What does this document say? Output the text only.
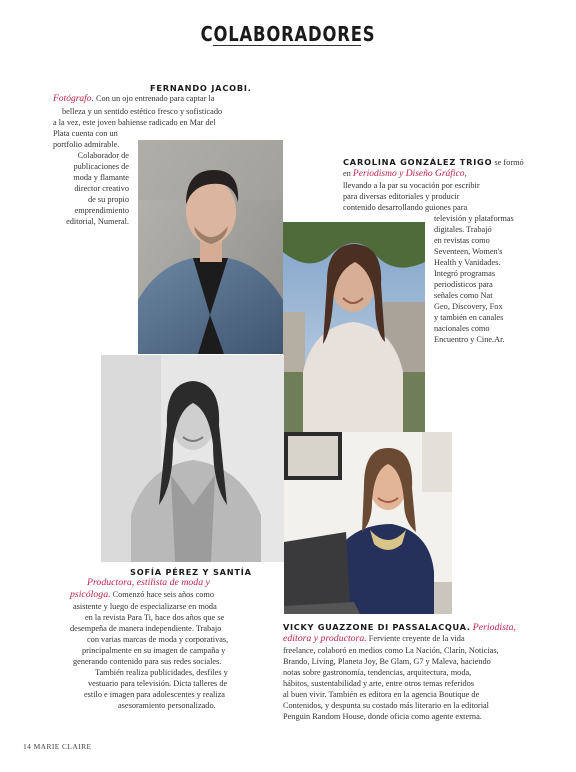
COLABORADORES
FERNANDO JACOBI.
Fotógrafo. Con un ojo entrenado para captar la
belleza y un sentido estético fresco y sofisticado
a la vez, este joven bahiense radicado en Mar del
Plata cuenta con un
portfolio admirable.
Colaborador de
publicaciones de
moda y flamante
director creativo
de su propio
emprendimiento
editorial, Numeral.
CAROLINA GONZÁLEZ TRIGO se formó
en Periodismo y Diseño Gráfico,
llevando a la par su vocación por escribir
para diversas editoriales y producir
contenido desarrollando guiones para
televisión y plataformas
digitales. Trabajó
en revistas como
Seventeen, Women's
Health y Vanidades.
Integró programas
periodísticos para
señales como Nat
Geo, Discovery, Fox
y también en canales
nacionales como
Encuentro y Cine.Ar.
SOFÍA PÉREZ Y SANTÍA
Productora, estilista de moda y
psicóloga. Comenzó hace seis años como
asistente y luego de especializarse en moda
en la revista Para Ti, hace dos años que se
desempeña de manera independiente. Trabajo
con varias marcas de moda y corporativas,
principalmente en su imagen de campaña y
generando contenido para sus redes sociales.
También realiza publicidades, desfiles y
vestuario para televisión. Dicta talleres de
estilo e imagen para adolescentes y realiza
asesoramiento personalizado.
VICKY GUAZZONE DI PASSALACQUA. Periodista,
editora y productora. Ferviente creyente de la vida
freelance, colaboró en medios como La Nación, Clarín, Noticias,
Brando, Living, Planeta Joy, Be Glam, G7 y Maleva, haciendo
notas sobre gastronomía, tendencias, arquitectura, moda,
hábitos, sustentabilidad y arte, entre otros temas referidos
al buen vivir. También es editora en la agencia Boutique de
Contenidos, y despunta su costado más literario en la editorial
Penguin Random House, donde oficia como agente externa.
14 MARIE CLAIRE
